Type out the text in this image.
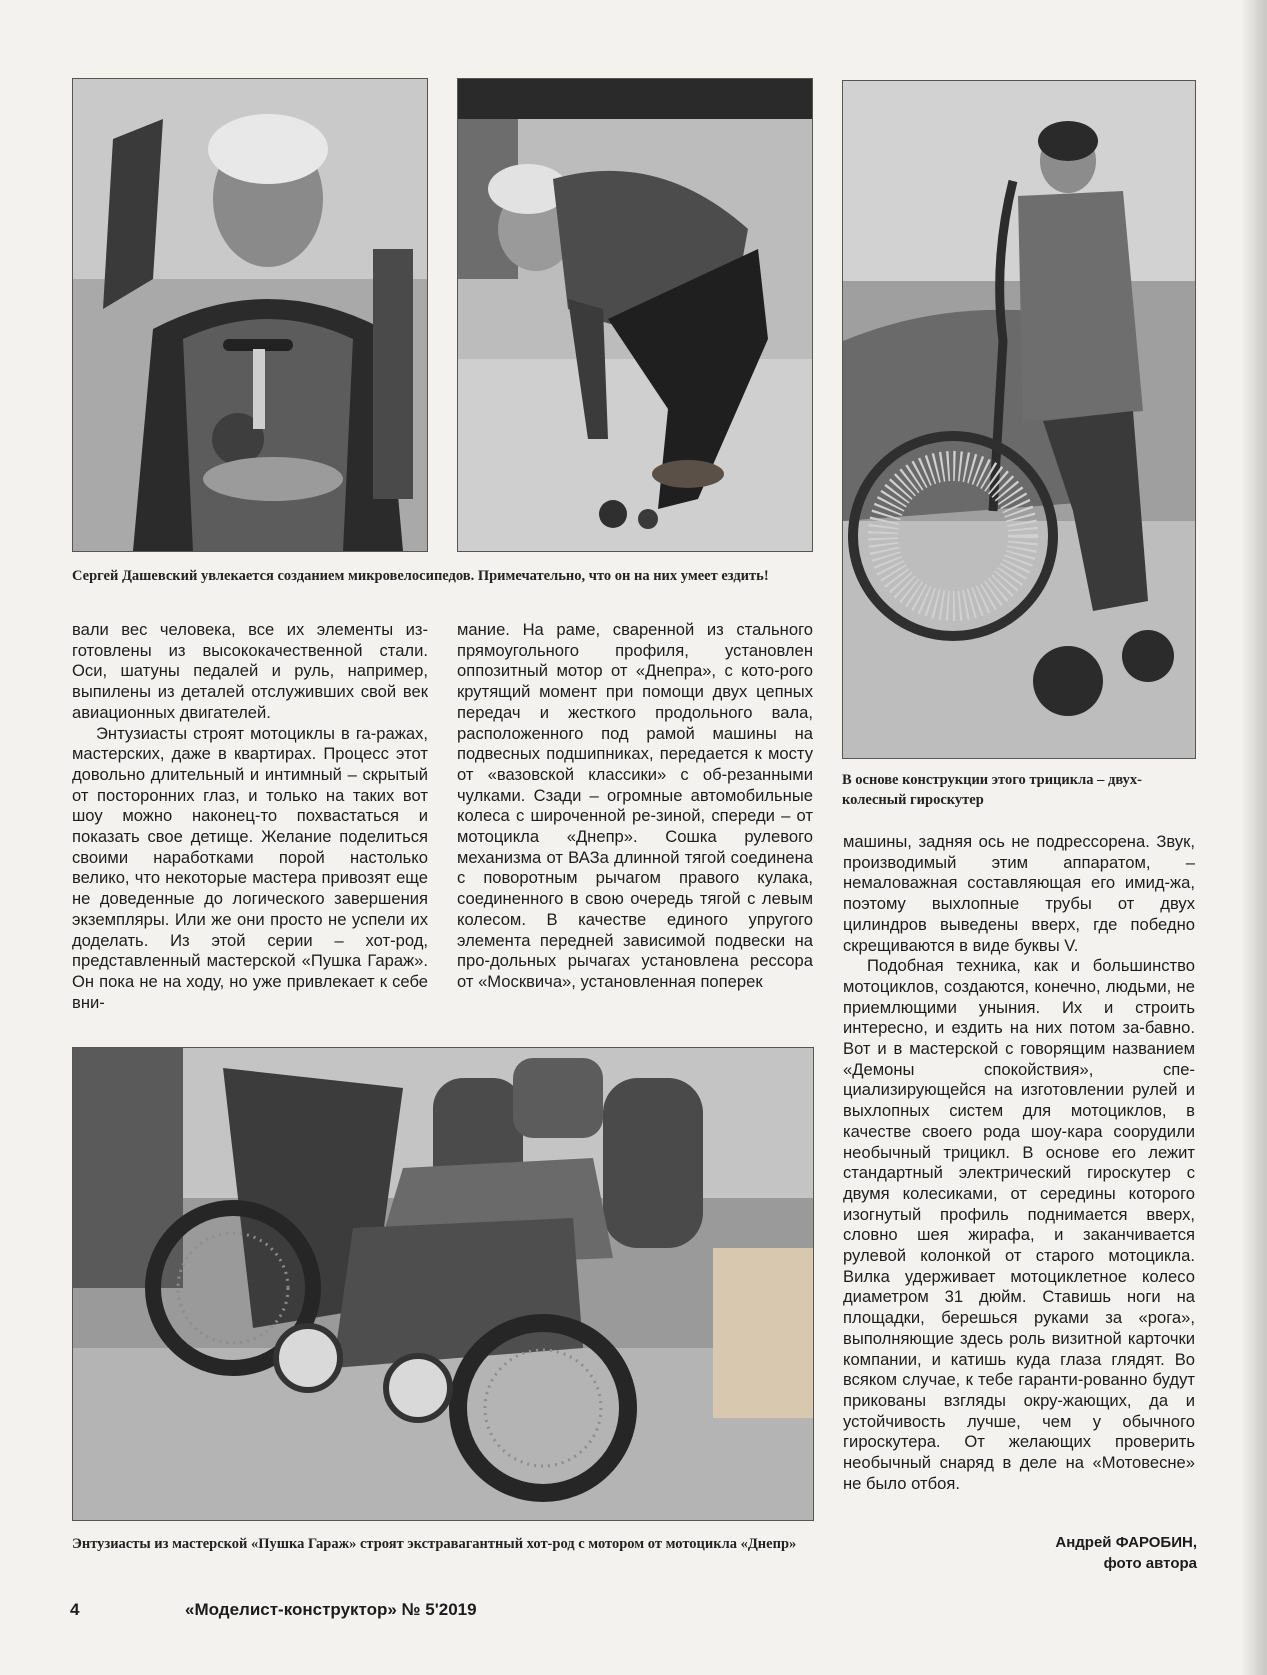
Сергей Дашевский увлекается созданием микровелосипедов. Примечательно, что он на них умеет ездить!
В основе конструкции этого трицикла – двух-колесный гироскутер

вали вес человека, все их элементы из-готовлены из высококачественной стали. Оси, шатуны педалей и руль, например, выпилены из деталей отслуживших свой век авиационных двигателей.

Энтузиасты строят мотоциклы в га-ражах, мастерских, даже в квартирах. Процесс этот довольно длительный и интимный – скрытый от посторонних глаз, и только на таких вот шоу можно наконец-то похвастаться и показать свое детище. Желание поделиться своими наработками порой настолько велико, что некоторые мастера привозят еще не доведенные до логического завершения экземпляры. Или же они просто не успели их доделать. Из этой серии – хот-род, представленный мастерской «Пушка Гараж». Он пока не на ходу, но уже привлекает к себе вни-

мание. На раме, сваренной из стального прямоугольного профиля, установлен оппозитный мотор от «Днепра», с кото-рого крутящий момент при помощи двух цепных передач и жесткого продольного вала, расположенного под рамой машины на подвесных подшипниках, передается к мосту от «вазовской классики» с об-резанными чулками. Сзади – огромные автомобильные колеса с широченной ре-зиной, спереди – от мотоцикла «Днепр». Сошка рулевого механизма от ВАЗа длинной тягой соединена с поворотным рычагом правого кулака, соединенного в свою очередь тягой с левым колесом. В качестве единого упругого элемента передней зависимой подвески на про-дольных рычагах установлена рессора от «Москвича», установленная поперек

машины, задняя ось не подрессорена. Звук, производимый этим аппаратом, – немаловажная составляющая его имид-жа, поэтому выхлопные трубы от двух цилиндров выведены вверх, где победно скрещиваются в виде буквы V.

Подобная техника, как и большинство мотоциклов, создаются, конечно, людьми, не приемлющими уныния. Их и строить интересно, и ездить на них потом за-бавно. Вот и в мастерской с говорящим названием «Демоны спокойствия», спе-циализирующейся на изготовлении рулей и выхлопных систем для мотоциклов, в качестве своего рода шоу-кара соорудили необычный трицикл. В основе его лежит стандартный электрический гироскутер с двумя колесиками, от середины которого изогнутый профиль поднимается вверх, словно шея жирафа, и заканчивается рулевой колонкой от старого мотоцикла. Вилка удерживает мотоциклетное колесо диаметром 31 дюйм. Ставишь ноги на площадки, берешься руками за «рога», выполняющие здесь роль визитной карточки компании, и катишь куда глаза глядят. Во всяком случае, к тебе гаранти-рованно будут прикованы взгляды окру-жающих, да и устойчивость лучше, чем у обычного гироскутера. От желающих проверить необычный снаряд в деле на «Мотовесне» не было отбоя.

Энтузиасты из мастерской «Пушка Гараж» строят экстравагантный хот-род с мотором от мотоцикла «Днепр»	Андрей ФАРОБИН,
фото автора
4	«Моделист-конструктор» № 5'2019
